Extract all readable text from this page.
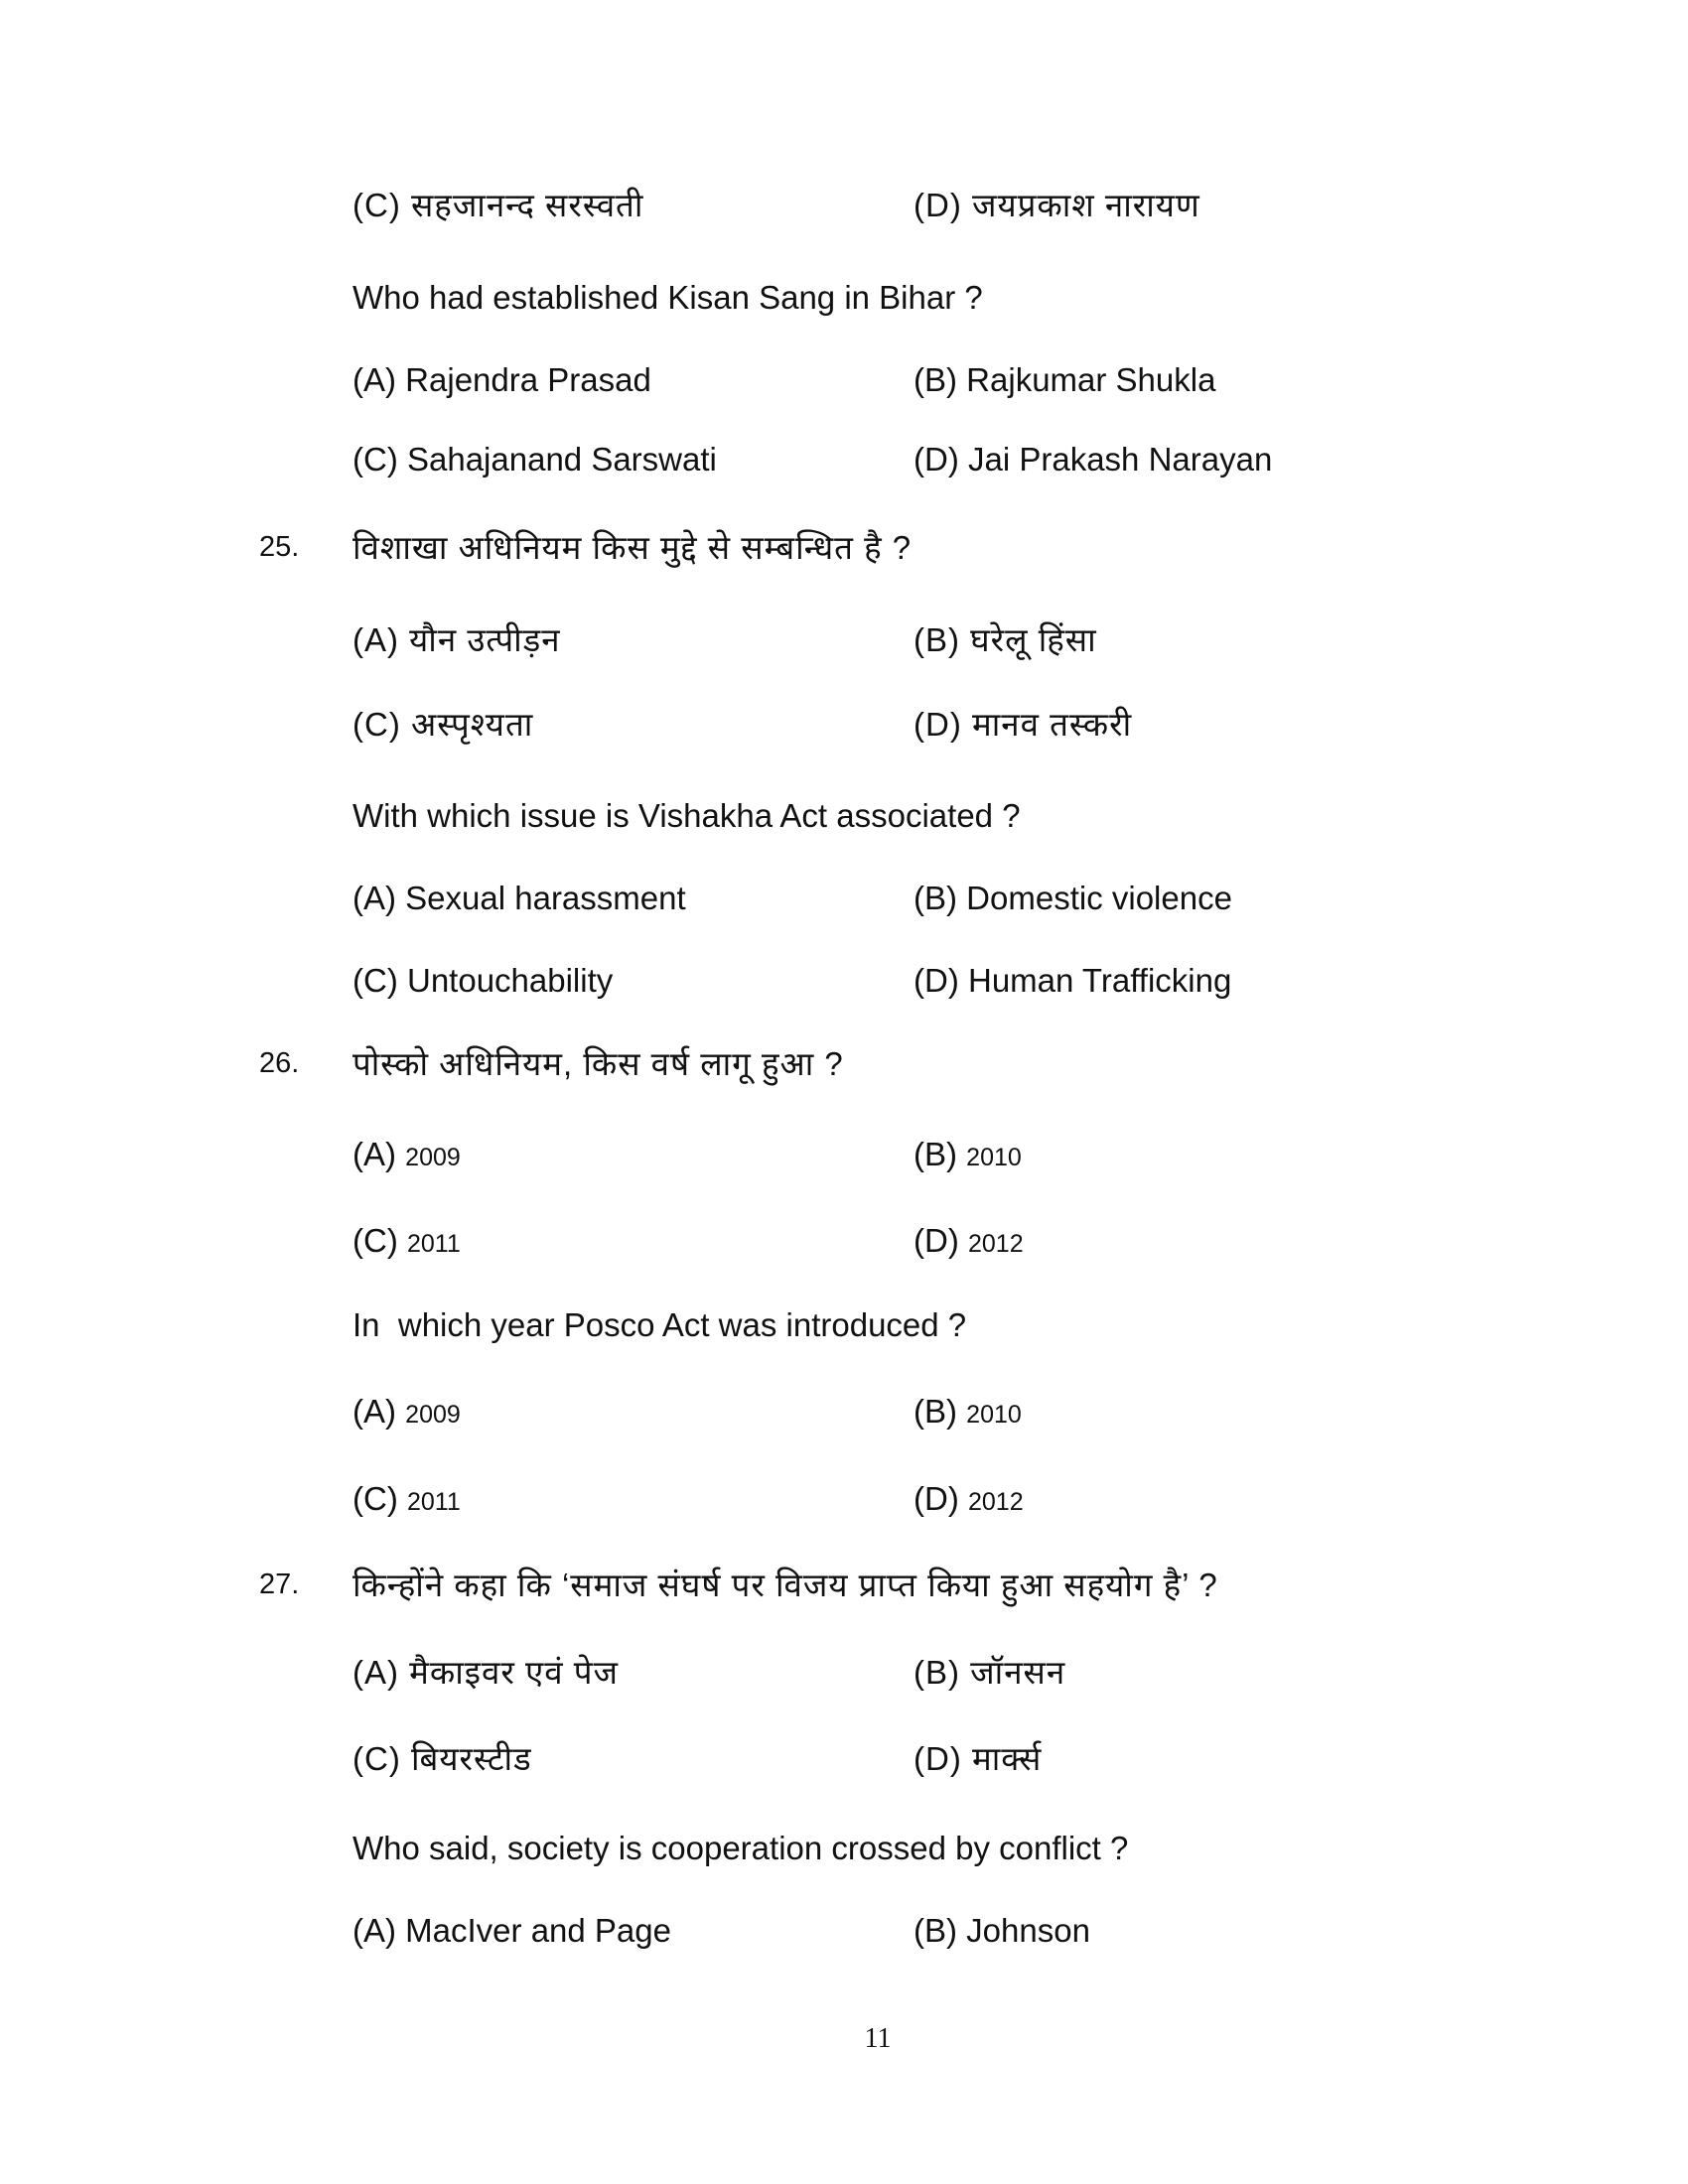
(C) सहजानन्द सरस्वती	(D) जयप्रकाश नारायण
Who had established Kisan Sang in Bihar ?
(A) Rajendra Prasad	(B) Rajkumar Shukla
(C) Sahajanand Sarswati	(D) Jai Prakash Narayan
25. विशाखा अधिनियम किस मुद्दे से सम्बन्धित है ?
(A) यौन उत्पीड़न	(B) घरेलू हिंसा
(C) अस्पृश्यता	(D) मानव तस्करी
With which issue is Vishakha Act associated ?
(A) Sexual harassment	(B) Domestic violence
(C) Untouchability	(D) Human Trafficking
26. पोस्को अधिनियम, किस वर्ष लागू हुआ ?
(A) 2009	(B) 2010
(C) 2011	(D) 2012
In  which year Posco Act was introduced ?
(A) 2009	(B) 2010
(C) 2011	(D) 2012
27. किन्होंने कहा कि ‘समाज संघर्ष पर विजय प्राप्त किया हुआ सहयोग है’ ?
(A) मैकाइवर एवं पेज	(B) जॉनसन
(C) बियरस्टीड	(D) मार्क्स
Who said, society is cooperation crossed by conflict ?
(A) MacIver and Page	(B) Johnson
11
